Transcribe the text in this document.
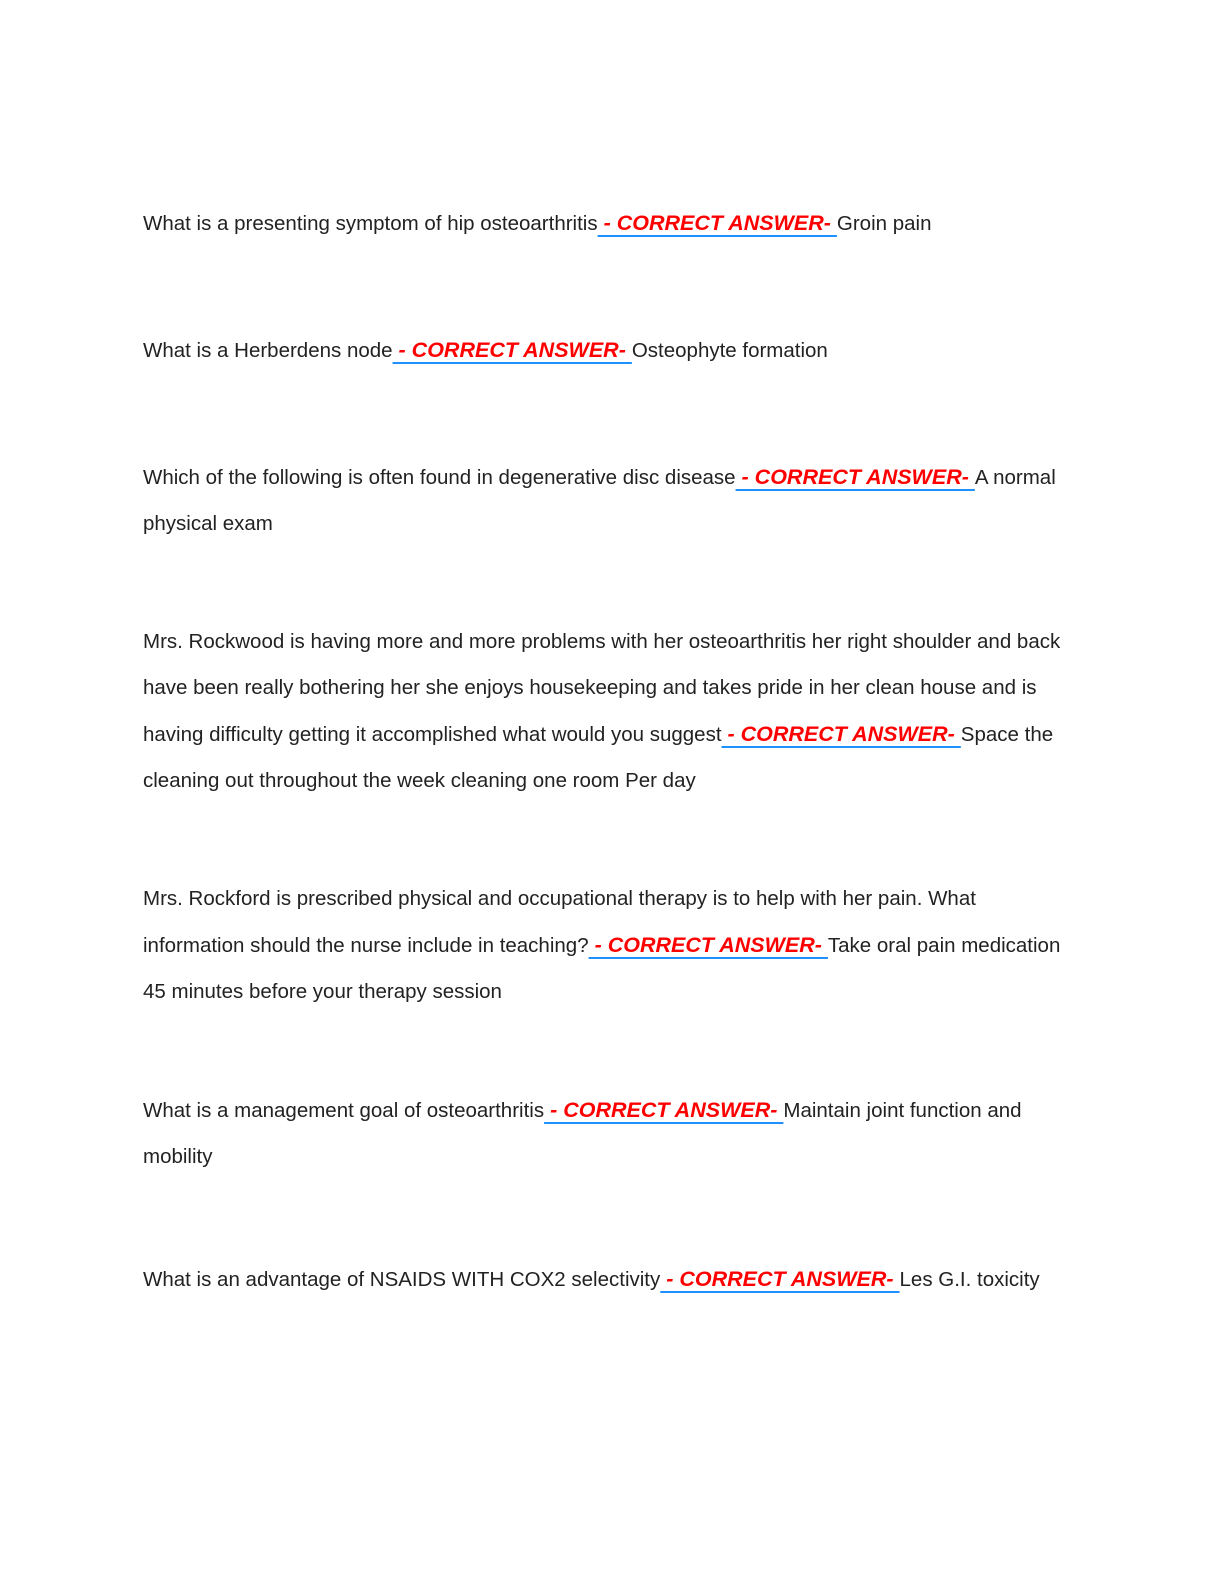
What is a presenting symptom of hip osteoarthritis - CORRECT ANSWER- Groin pain

What is a Herberdens node - CORRECT ANSWER- Osteophyte formation

Which of the following is often found in degenerative disc disease - CORRECT ANSWER- A normal physical exam

Mrs. Rockwood is having more and more problems with her osteoarthritis her right shoulder and back have been really bothering her she enjoys housekeeping and takes pride in her clean house and is having difficulty getting it accomplished what would you suggest - CORRECT ANSWER- Space the cleaning out throughout the week cleaning one room Per day

Mrs. Rockford is prescribed physical and occupational therapy is to help with her pain. What information should the nurse include in teaching? - CORRECT ANSWER- Take oral pain medication 45 minutes before your therapy session

What is a management goal of osteoarthritis - CORRECT ANSWER- Maintain joint function and mobility

What is an advantage of NSAIDS WITH COX2 selectivity - CORRECT ANSWER- Les G.I. toxicity
